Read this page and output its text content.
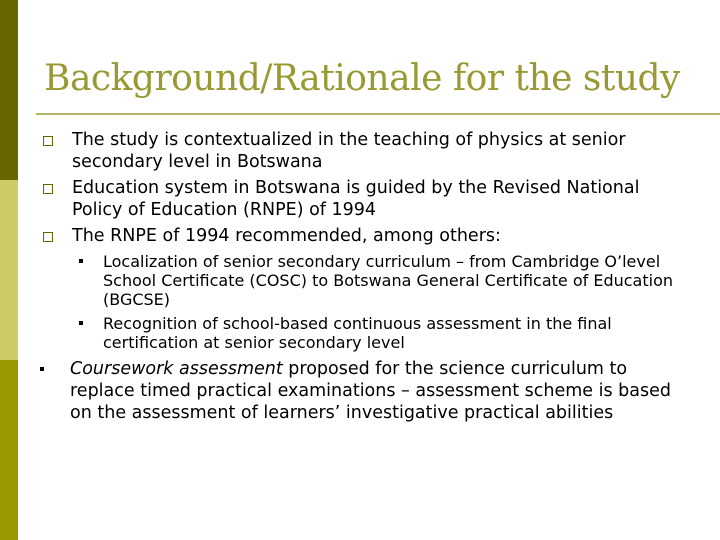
Background/Rationale for the study
The study is contextualized in the teaching of physics at senior secondary level in Botswana
Education system in Botswana is guided by the Revised National Policy of Education (RNPE) of 1994
The RNPE of 1994 recommended, among others:
Localization of senior secondary curriculum – from Cambridge O’level School Certificate (COSC) to Botswana General Certificate of Education (BGCSE)
Recognition of school-based continuous assessment in the final certification at senior secondary level
Coursework assessment proposed for the science curriculum to replace timed practical examinations – assessment scheme is based on the assessment of learners’ investigative practical abilities
